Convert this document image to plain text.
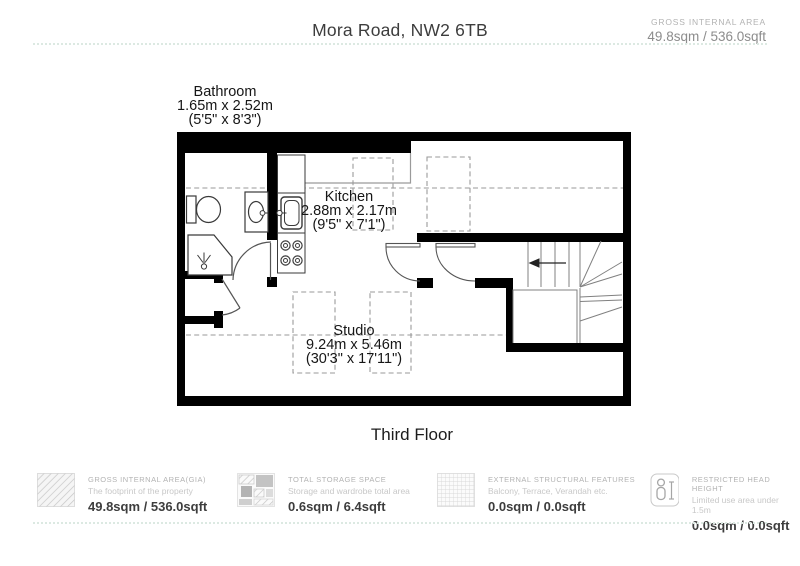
Mora Road, NW2 6TB	GROSS INTERNAL AREA
49.8sqm / 536.0sqft
Bathroom
1.65m x 2.52m
(5'5" x 8'3")
Kitchen
2.88m x 2.17m
(9'5" x 7'1")
Studio
9.24m x 5.46m
(30'3" x 17'11")
Third Floor
GROSS INTERNAL AREA(GIA)
The footprint of the property
49.8sqm / 536.0sqft
TOTAL STORAGE SPACE
Storage and wardrobe total area
0.6sqm / 6.4sqft
EXTERNAL STRUCTURAL FEATURES
Balcony, Terrace, Verandah etc.
0.0sqm / 0.0sqft
RESTRICTED HEAD HEIGHT
Limited use area under 1.5m
0.0sqm / 0.0sqft
